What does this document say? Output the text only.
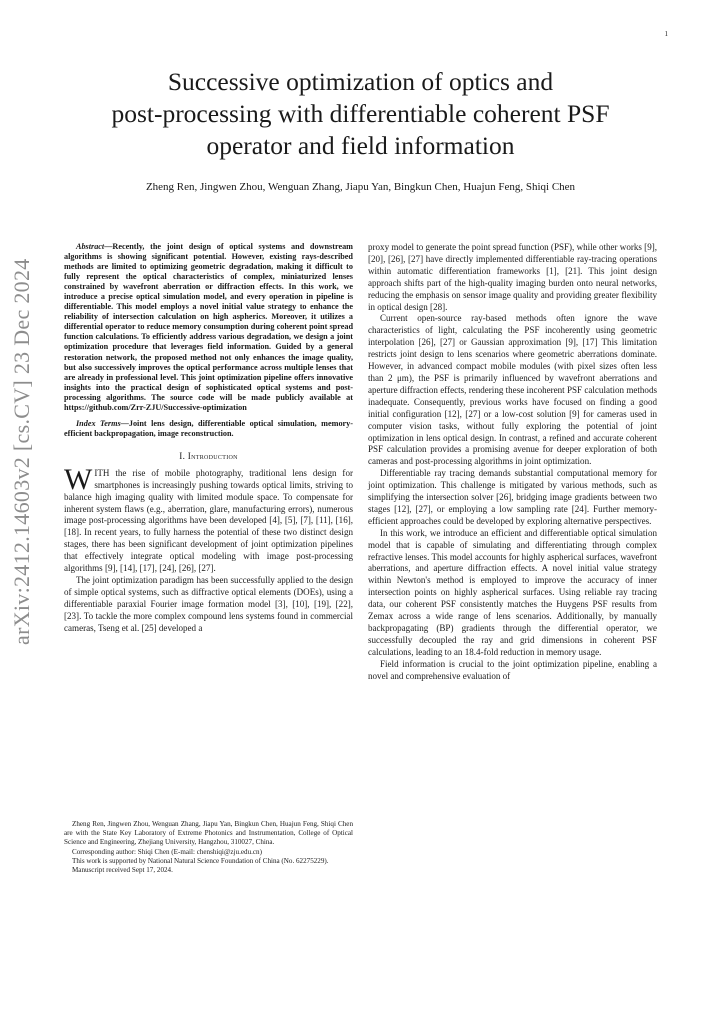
1
arXiv:2412.14603v2 [cs.CV] 23 Dec 2024
Successive optimization of optics and
post-processing with differentiable coherent PSF
operator and field information
Zheng Ren, Jingwen Zhou, Wenguan Zhang, Jiapu Yan, Bingkun Chen, Huajun Feng, Shiqi Chen

Abstract—Recently, the joint design of optical systems and downstream algorithms is showing significant potential. However, existing rays-described methods are limited to optimizing geometric degradation, making it difficult to fully represent the optical characteristics of complex, miniaturized lenses constrained by wavefront aberration or diffraction effects. In this work, we introduce a precise optical simulation model, and every operation in pipeline is differentiable. This model employs a novel initial value strategy to enhance the reliability of intersection calculation on high aspherics. Moreover, it utilizes a differential operator to reduce memory consumption during coherent point spread function calculations. To efficiently address various degradation, we design a joint optimization procedure that leverages field information. Guided by a general restoration network, the proposed method not only enhances the image quality, but also successively improves the optical performance across multiple lenses that are already in professional level. This joint optimization pipeline offers innovative insights into the practical design of sophisticated optical systems and post-processing algorithms. The source code will be made publicly available at https://github.com/Zrr-ZJU/Successive-optimization

Index Terms—Joint lens design, differentiable optical simulation, memory-efficient backpropagation, image reconstruction.

I. Introduction

WITH the rise of mobile photography, traditional lens design for smartphones is increasingly pushing towards optical limits, striving to balance high imaging quality with limited module space. To compensate for inherent system flaws (e.g., aberration, glare, manufacturing errors), numerous image post-processing algorithms have been developed [4], [5], [7], [11], [16], [18]. In recent years, to fully harness the potential of these two distinct design stages, there has been significant development of joint optimization pipelines that effectively integrate optical modeling with image post-processing algorithms [9], [14], [17], [24], [26], [27].

The joint optimization paradigm has been successfully applied to the design of simple optical systems, such as diffractive optical elements (DOEs), using a differentiable paraxial Fourier image formation model [3], [10], [19], [22], [23]. To tackle the more complex compound lens systems found in commercial cameras, Tseng et al. [25] developed a

Zheng Ren, Jingwen Zhou, Wenguan Zhang, Jiapu Yan, Bingkun Chen, Huajun Feng, Shiqi Chen are with the State Key Laboratory of Extreme Photonics and Instrumentation, College of Optical Science and Engineering, Zhejiang University, Hangzhou, 310027, China.

Corresponding author: Shiqi Chen (E-mail: chenshiqi@zju.edu.cn)

This work is supported by National Natural Science Foundation of China (No. 62275229).

Manuscript received Sept 17, 2024.

proxy model to generate the point spread function (PSF), while other works [9], [20], [26], [27] have directly implemented differentiable ray-tracing operations within automatic differentiation frameworks [1], [21]. This joint design approach shifts part of the high-quality imaging burden onto neural networks, reducing the emphasis on sensor image quality and providing greater flexibility in optical design [28].

Current open-source ray-based methods often ignore the wave characteristics of light, calculating the PSF incoherently using geometric interpolation [26], [27] or Gaussian approximation [9], [17] This limitation restricts joint design to lens scenarios where geometric aberrations dominate. However, in advanced compact mobile modules (with pixel sizes often less than 2 μm), the PSF is primarily influenced by wavefront aberrations and aperture diffraction effects, rendering these incoherent PSF calculation methods inadequate. Consequently, previous works have focused on finding a good initial configuration [12], [27] or a low-cost solution [9] for cameras used in computer vision tasks, without fully exploring the potential of joint optimization in lens optical design. In contrast, a refined and accurate coherent PSF calculation provides a promising avenue for deeper exploration of both cameras and post-processing algorithms in joint optimization.

Differentiable ray tracing demands substantial computational memory for joint optimization. This challenge is mitigated by various methods, such as simplifying the intersection solver [26], bridging image gradients between two stages [12], [27], or employing a low sampling rate [24]. Further memory-efficient approaches could be developed by exploring alternative perspectives.

In this work, we introduce an efficient and differentiable optical simulation model that is capable of simulating and differentiating through complex refractive lenses. This model accounts for highly aspherical surfaces, wavefront aberrations, and aperture diffraction effects. A novel initial value strategy within Newton's method is employed to improve the accuracy of inner intersection points on highly aspherical surfaces. Using reliable ray tracing data, our coherent PSF consistently matches the Huygens PSF results from Zemax across a wide range of lens scenarios. Additionally, by manually backpropagating (BP) gradients through the differential operator, we successfully decoupled the ray and grid dimensions in coherent PSF calculations, leading to an 18.4-fold reduction in memory usage.

Field information is crucial to the joint optimization pipeline, enabling a novel and comprehensive evaluation of
